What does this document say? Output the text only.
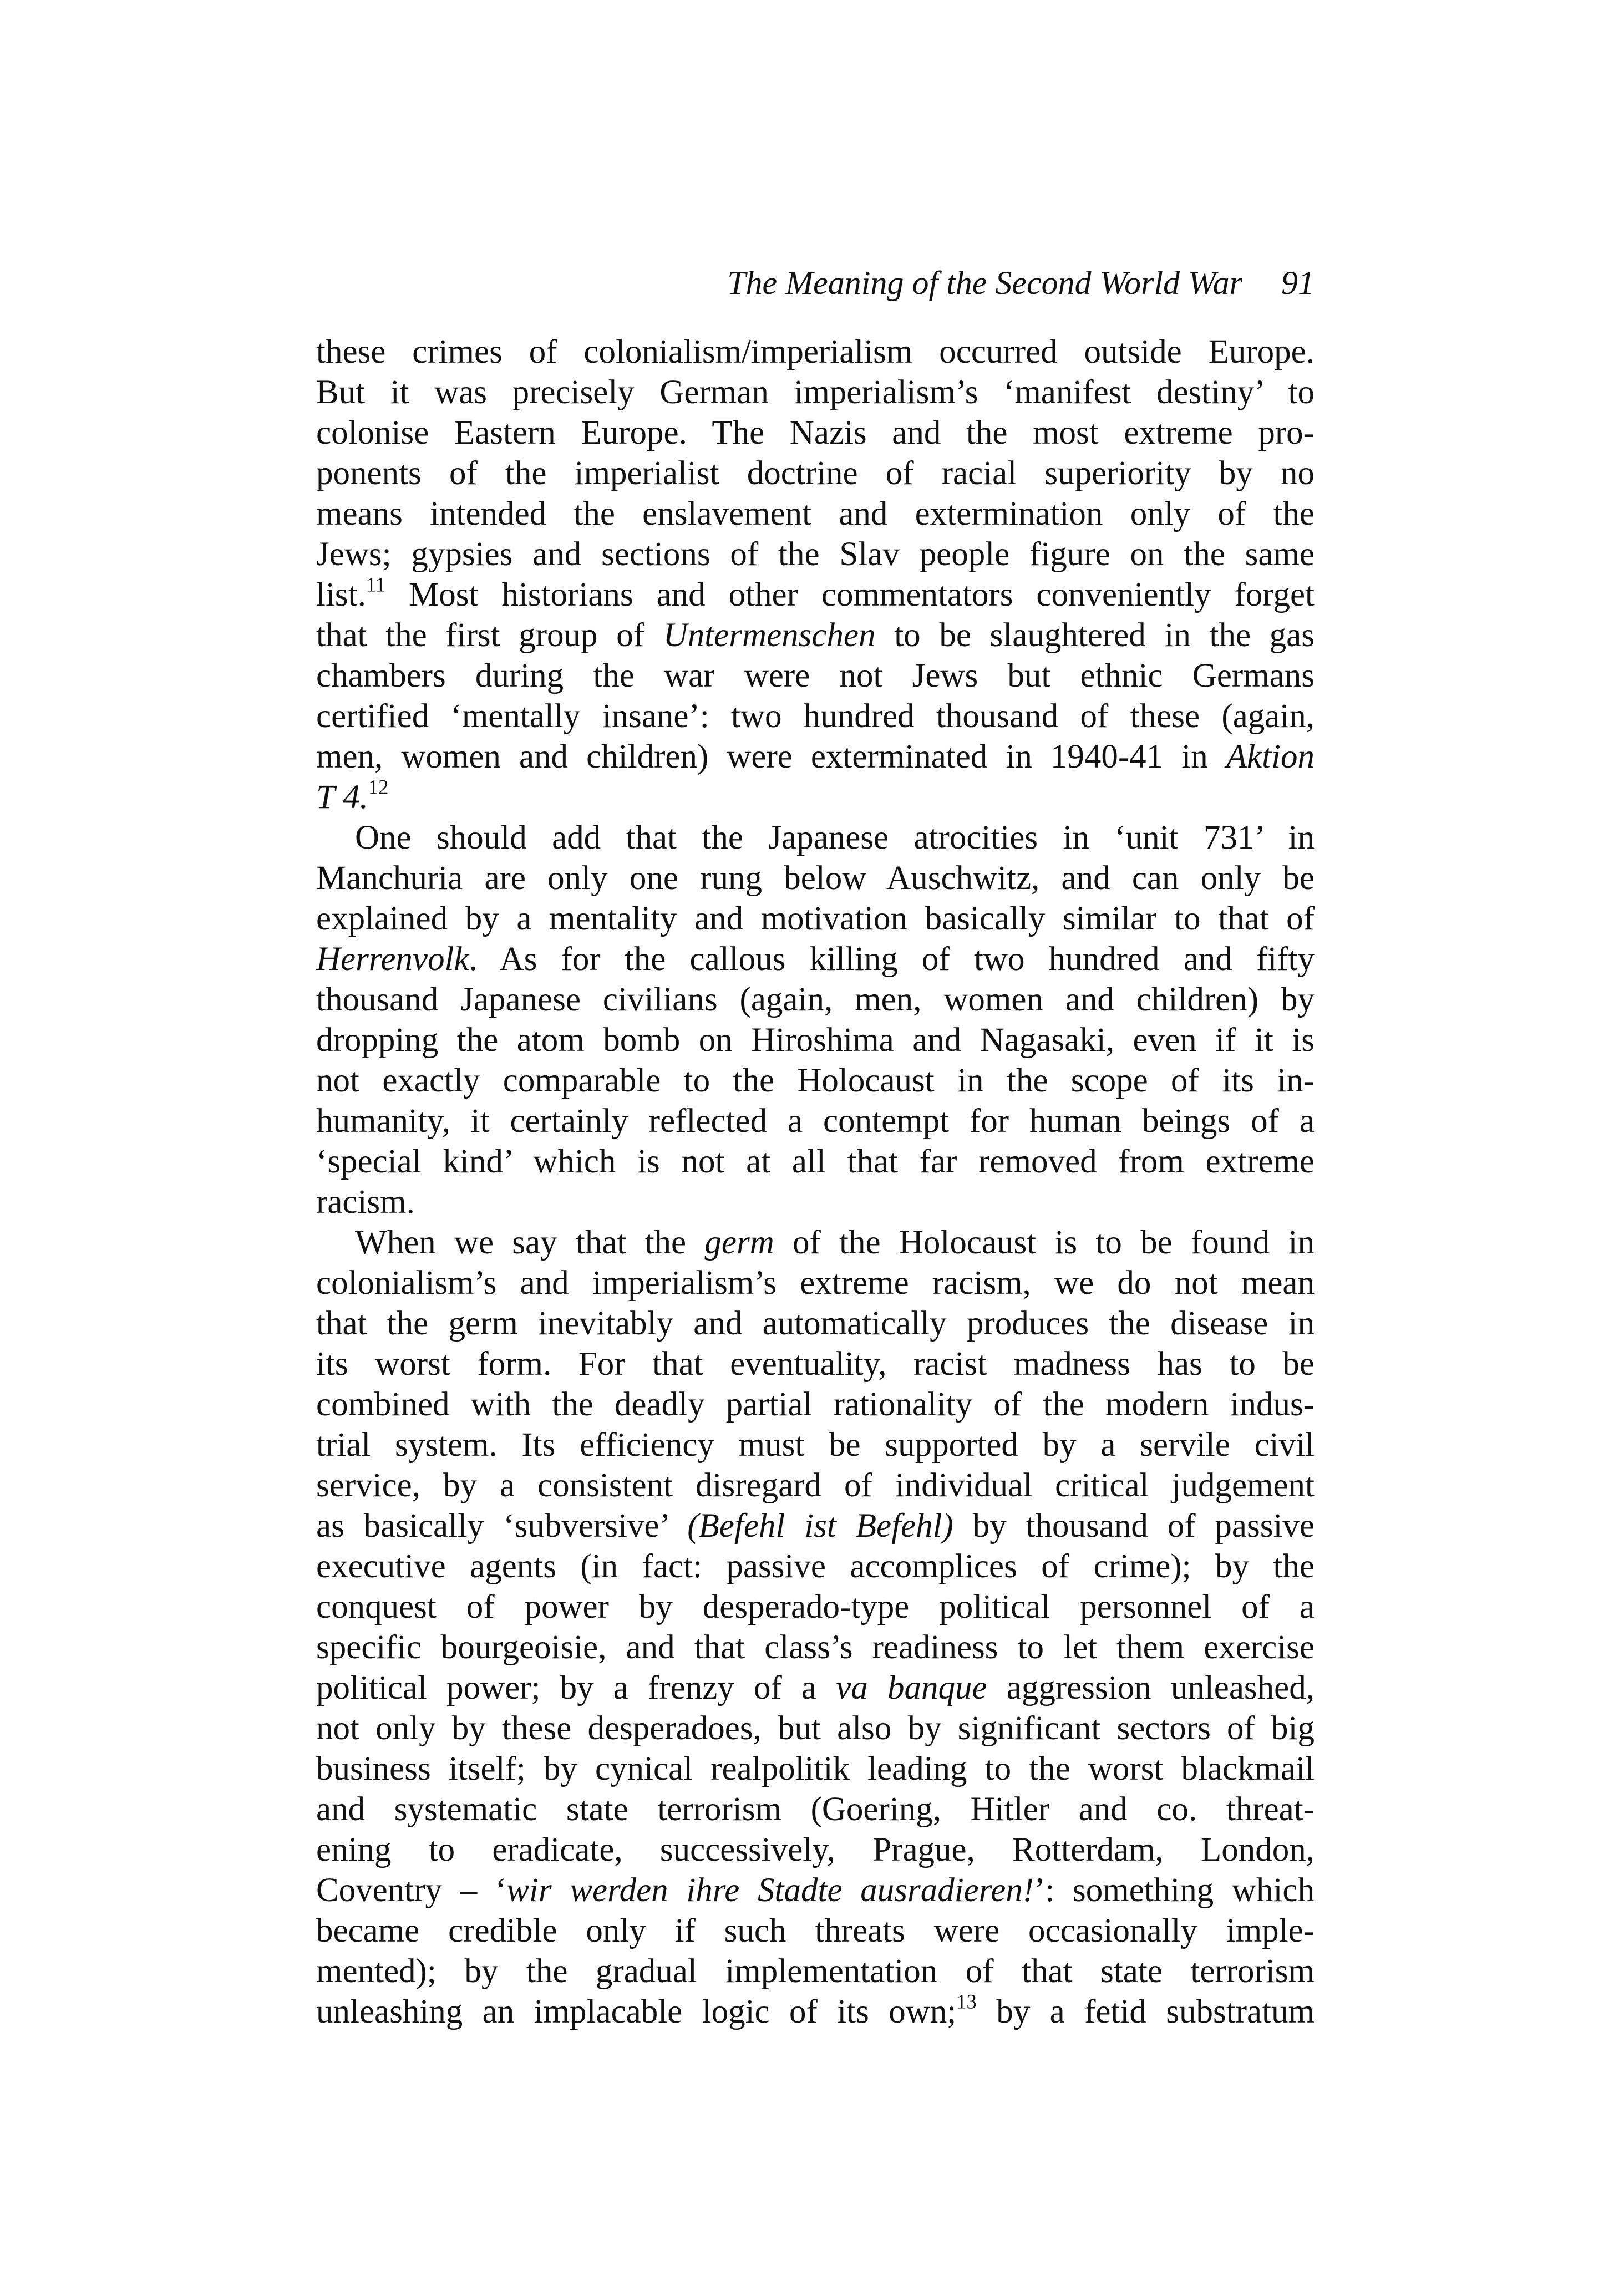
The Meaning of the Second World War 91
these crimes of colonialism/imperialism occurred outside Europe.
But it was precisely German imperialism’s ‘manifest destiny’ to
colonise Eastern Europe. The Nazis and the most extreme pro-
ponents of the imperialist doctrine of racial superiority by no
means intended the enslavement and extermination only of the
Jews; gypsies and sections of the Slav people figure on the same
list.$^{11}$ Most historians and other commentators conveniently forget
that the first group of Untermenschen to be slaughtered in the gas
chambers during the war were not Jews but ethnic Germans
certified ‘mentally insane’: two hundred thousand of these (again,
men, women and children) were exterminated in 1940-41 in Aktion
T 4.12
One should add that the Japanese atrocities in ‘unit 731’ in
Manchuria are only one rung below Auschwitz, and can only be
explained by a mentality and motivation basically similar to that of
Herrenvolk. As for the callous killing of two hundred and fifty
thousand Japanese civilians (again, men, women and children) by
dropping the atom bomb on Hiroshima and Nagasaki, even if it is
not exactly comparable to the Holocaust in the scope of its in-
humanity, it certainly reflected a contempt for human beings of a
‘special kind’ which is not at all that far removed from extreme
racism.
When we say that the germ of the Holocaust is to be found in
colonialism’s and imperialism’s extreme racism, we do not mean
that the germ inevitably and automatically produces the disease in
its worst form. For that eventuality, racist madness has to be
combined with the deadly partial rationality of the modern indus-
trial system. Its efficiency must be supported by a servile civil
service, by a consistent disregard of individual critical judgement
as basically ‘subversive’ (Befehl ist Befehl) by thousand of passive
executive agents (in fact: passive accomplices of crime); by the
conquest of power by desperado-type political personnel of a
specific bourgeoisie, and that class’s readiness to let them exercise
political power; by a frenzy of a va banque aggression unleashed,
not only by these desperadoes, but also by significant sectors of big
business itself; by cynical realpolitik leading to the worst blackmail
and systematic state terrorism (Goering, Hitler and co. threat-
ening to eradicate, successively, Prague, Rotterdam, London,
Coventry – ‘wir werden ihre Stadte ausradieren!’: something which
became credible only if such threats were occasionally imple-
mented); by the gradual implementation of that state terrorism
unleashing an implacable logic of its own;$^{13}$ by a fetid substratum
